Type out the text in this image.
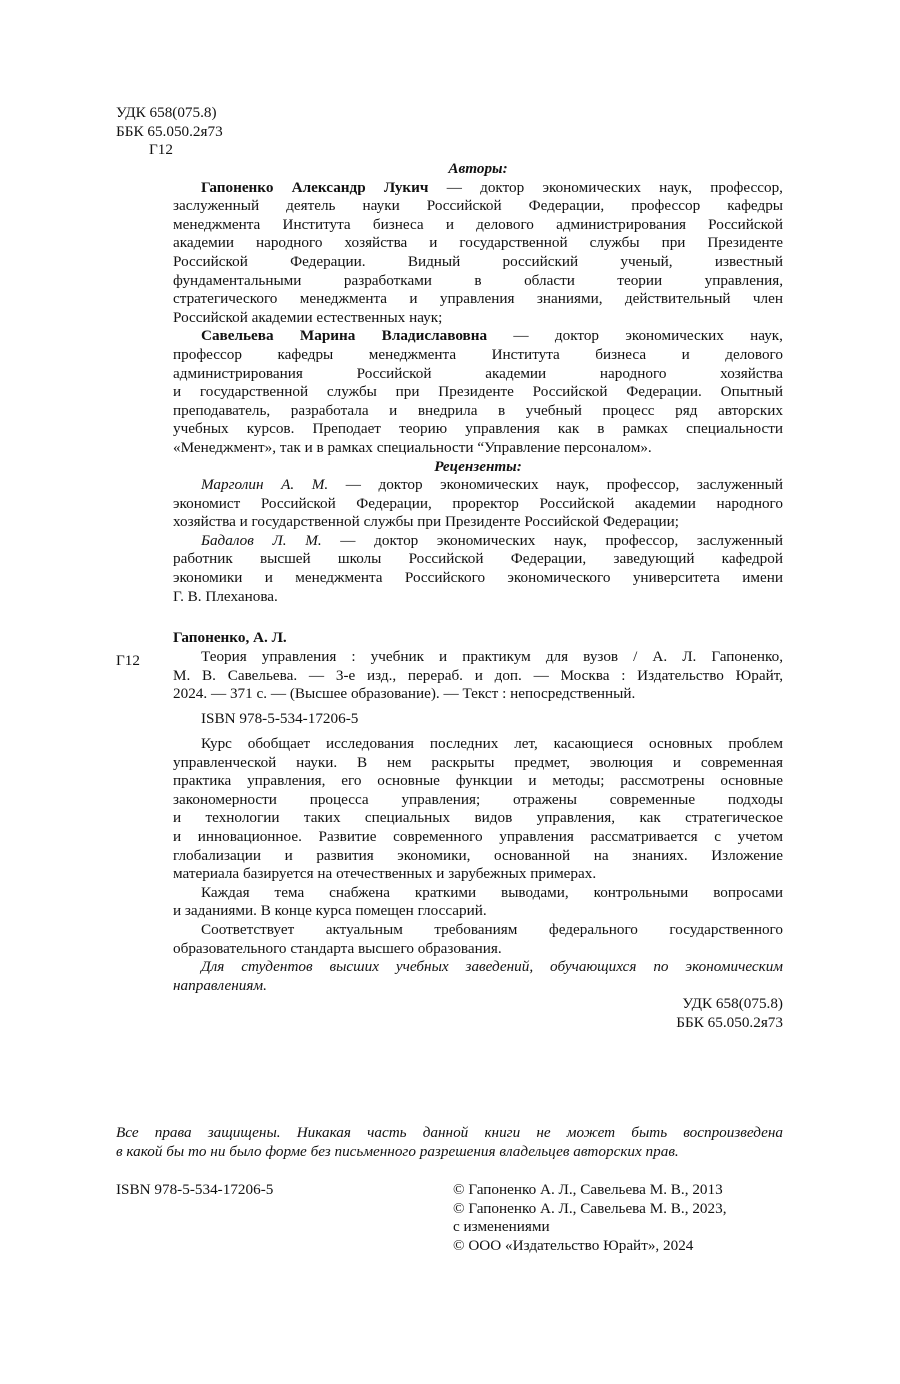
УДК 658(075.8)
ББК 65.050.2я73
Г12
Авторы:
Гапоненко Александр Лукич — доктор экономических наук, профессор,
заслуженный деятель науки Российской Федерации, профессор кафедры
менеджмента Института бизнеса и делового администрирования Российской
академии народного хозяйства и государственной службы при Президенте
Российской Федерации. Видный российский ученый, известный
фундаментальными разработками в области теории управления,
стратегического менеджмента и управления знаниями, действительный член
Российской академии естественных наук;
Савельева Марина Владиславовна — доктор экономических наук,
профессор кафедры менеджмента Института бизнеса и делового
администрирования Российской академии народного хозяйства
и государственной службы при Президенте Российской Федерации. Опытный
преподаватель, разработала и внедрила в учебный процесс ряд авторских
учебных курсов. Преподает теорию управления как в рамках специальности
«Менеджмент», так и в рамках специальности “Управление персоналом».
Рецензенты:
Марголин А. М. — доктор экономических наук, профессор, заслуженный
экономист Российской Федерации, проректор Российской академии народного
хозяйства и государственной службы при Президенте Российской Федерации;
Бадалов Л. М. — доктор экономических наук, профессор, заслуженный
работник высшей школы Российской Федерации, заведующий кафедрой
экономики и менеджмента Российского экономического университета имени
Г. В. Плеханова.
Гапоненко, А. Л.
Г12	Теория управления : учебник и практикум для вузов / А. Л. Гапоненко,
М. В. Савельева. — 3-е изд., перераб. и доп. — Москва : Издательство Юрайт,
2024. — 371 с. — (Высшее образование). — Текст : непосредственный.
ISBN 978-5-534-17206-5
Курс обобщает исследования последних лет, касающиеся основных проблем
управленческой науки. В нем раскрыты предмет, эволюция и современная
практика управления, его основные функции и методы; рассмотрены основные
закономерности процесса управления; отражены современные подходы
и технологии таких специальных видов управления, как стратегическое
и инновационное. Развитие современного управления рассматривается с учетом
глобализации и развития экономики, основанной на знаниях. Изложение
материала базируется на отечественных и зарубежных примерах.
Каждая тема снабжена краткими выводами, контрольными вопросами
и заданиями. В конце курса помещен глоссарий.
Соответствует актуальным требованиям федерального государственного
образовательного стандарта высшего образования.
Для студентов высших учебных заведений, обучающихся по экономическим
направлениям.
УДК 658(075.8)
ББК 65.050.2я73
Все права защищены. Никакая часть данной книги не может быть воспроизведена
в какой бы то ни было форме без письменного разрешения владельцев авторских прав.
ISBN 978-5-534-17206-5	© Гапоненко А. Л., Савельева М. В., 2013
© Гапоненко А. Л., Савельева М. В., 2023,
с изменениями
© ООО «Издательство Юрайт», 2024
